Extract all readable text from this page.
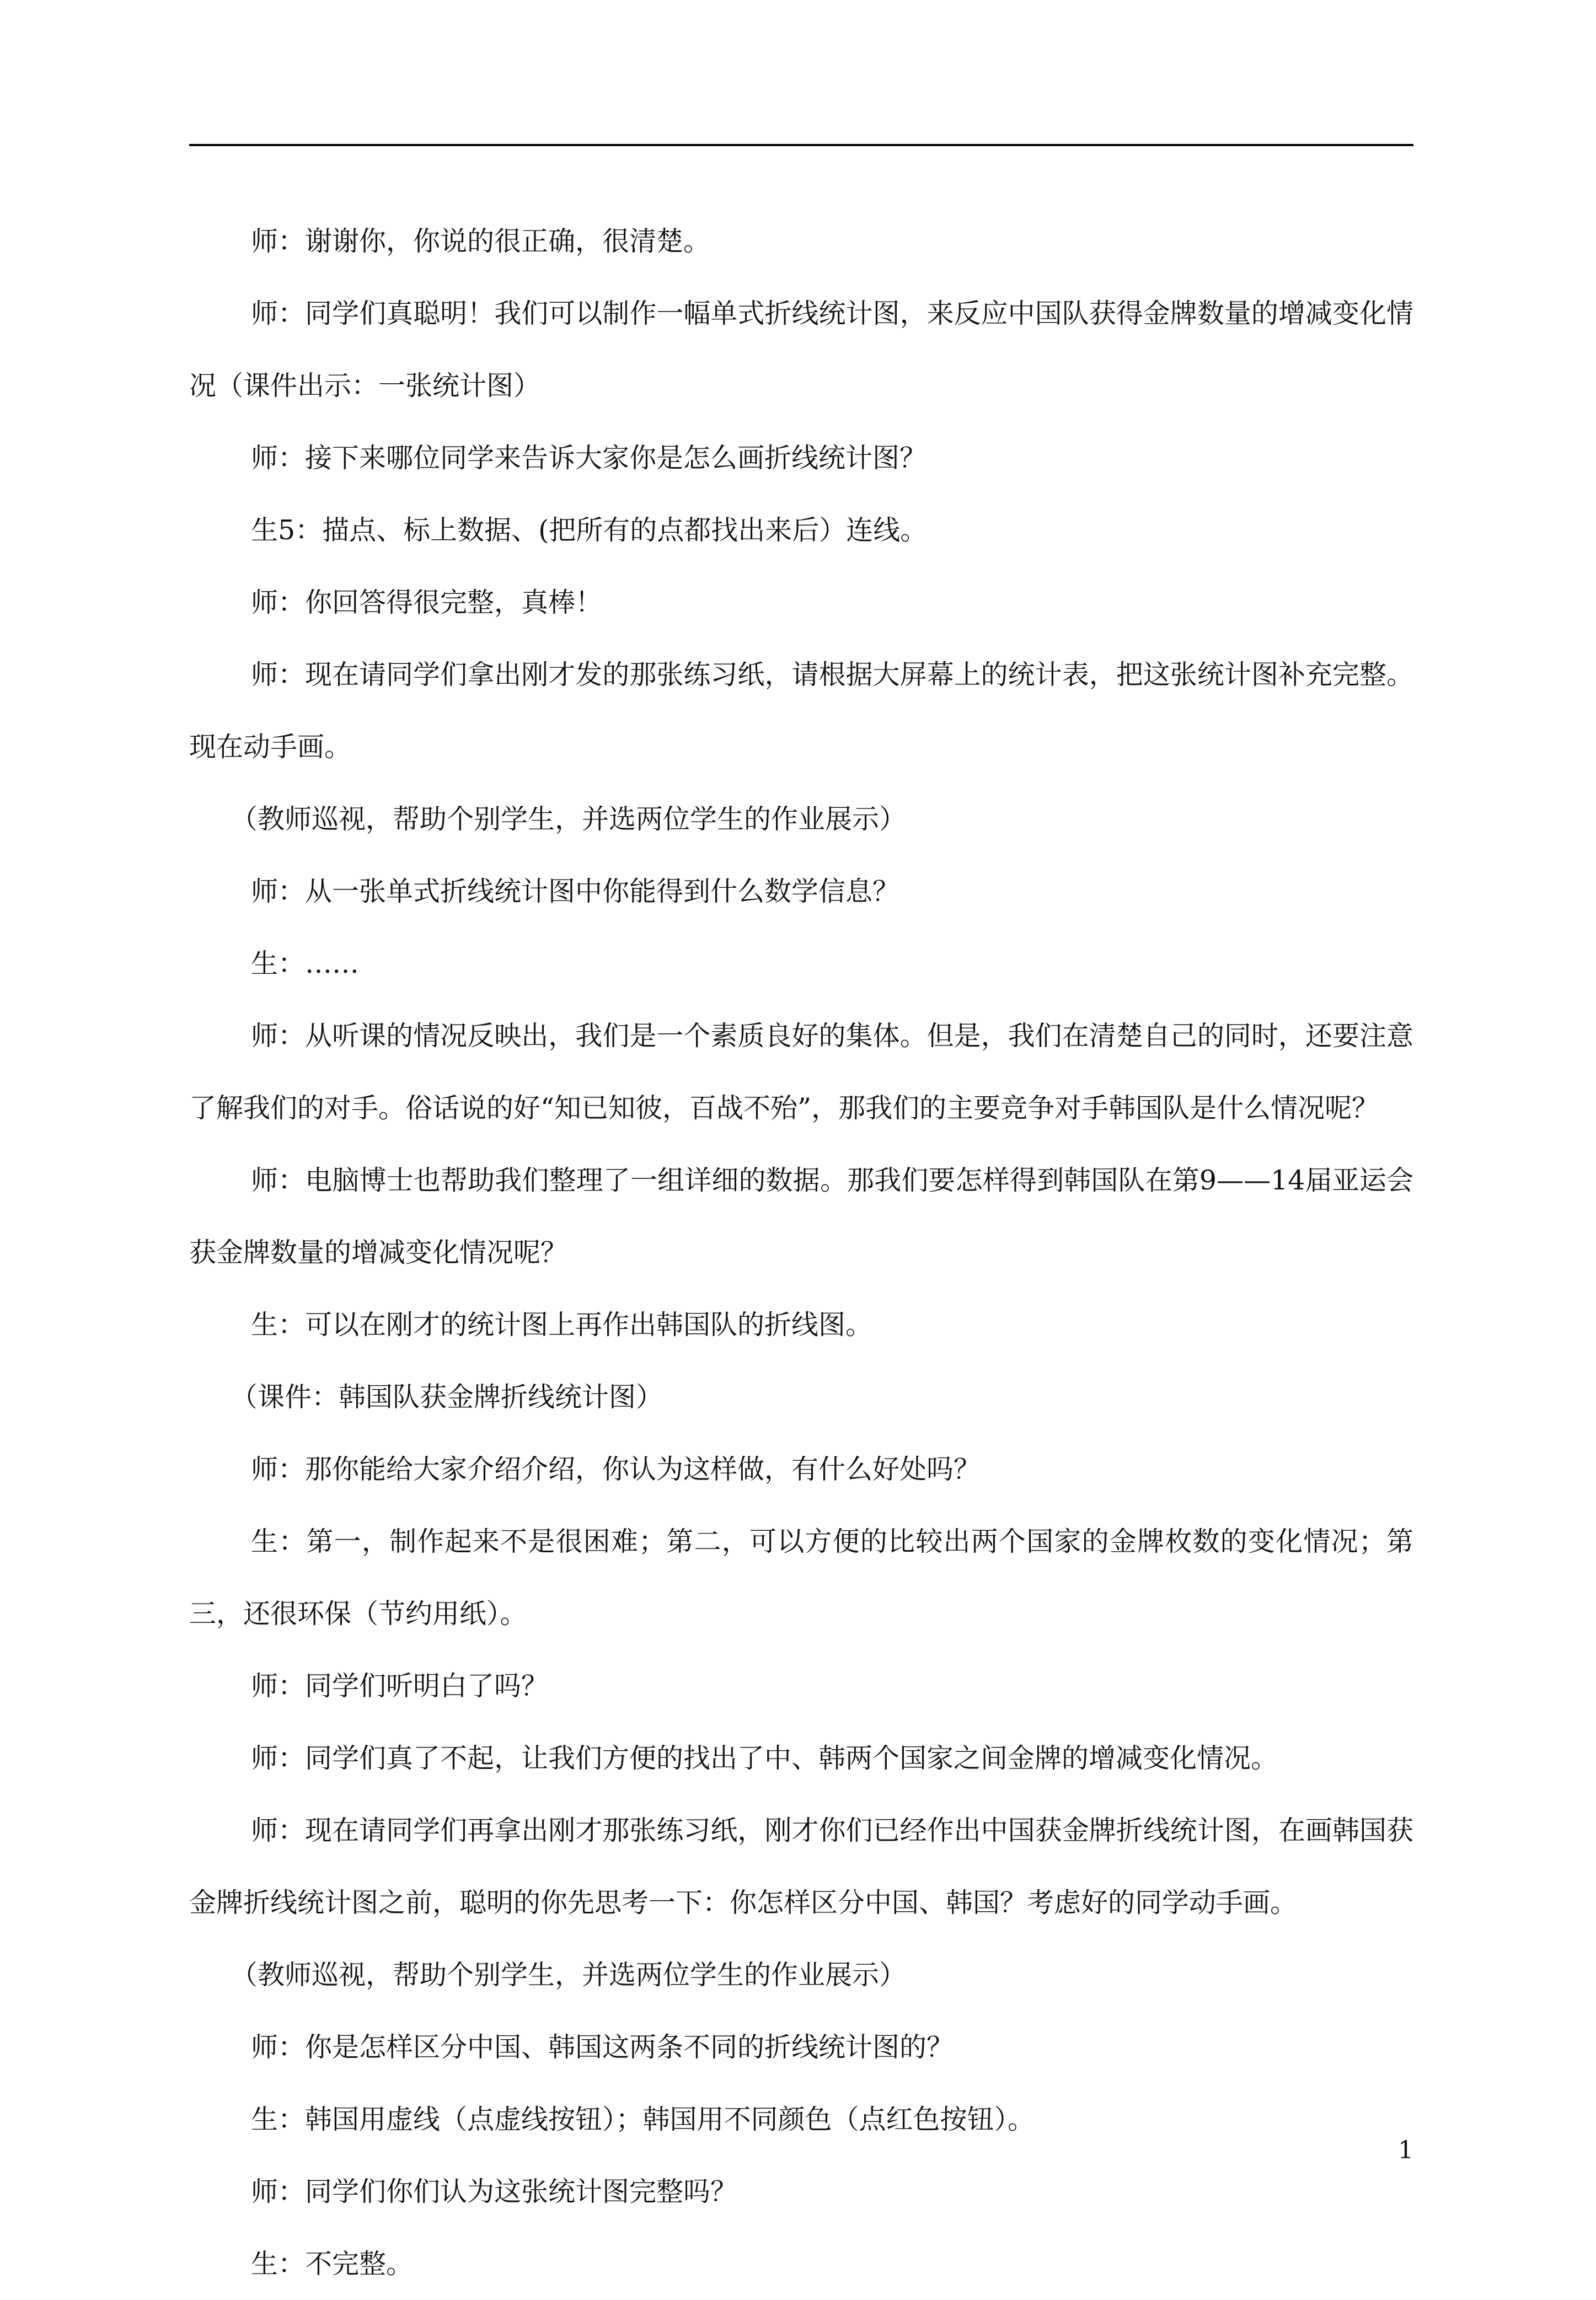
师：谢谢你，你说的很正确，很清楚。

师：同学们真聪明！我们可以制作一幅单式折线统计图，来反应中国队获得金牌数量的增减变化情况（课件出示：一张统计图）

师：接下来哪位同学来告诉大家你是怎么画折线统计图？

生5：描点、标上数据、(把所有的点都找出来后）连线。

师：你回答得很完整，真棒！

师：现在请同学们拿出刚才发的那张练习纸，请根据大屏幕上的统计表，把这张统计图补充完整。现在动手画。

（教师巡视，帮助个别学生，并选两位学生的作业展示）

师：从一张单式折线统计图中你能得到什么数学信息？

生：……

师：从听课的情况反映出，我们是一个素质良好的集体。但是，我们在清楚自己的同时，还要注意了解我们的对手。俗话说的好“知已知彼，百战不殆”，那我们的主要竞争对手韩国队是什么情况呢？

师：电脑博士也帮助我们整理了一组详细的数据。那我们要怎样得到韩国队在第9——14届亚运会获金牌数量的增减变化情况呢？

生：可以在刚才的统计图上再作出韩国队的折线图。

（课件：韩国队获金牌折线统计图）

师：那你能给大家介绍介绍，你认为这样做，有什么好处吗？

生：第一，制作起来不是很困难；第二，可以方便的比较出两个国家的金牌枚数的变化情况；第三，还很环保（节约用纸）。

师：同学们听明白了吗？

师：同学们真了不起，让我们方便的找出了中、韩两个国家之间金牌的增减变化情况。

师：现在请同学们再拿出刚才那张练习纸，刚才你们已经作出中国获金牌折线统计图，在画韩国获金牌折线统计图之前，聪明的你先思考一下：你怎样区分中国、韩国？考虑好的同学动手画。

（教师巡视，帮助个别学生，并选两位学生的作业展示）

师：你是怎样区分中国、韩国这两条不同的折线统计图的？

生：韩国用虚线（点虚线按钮）；韩国用不同颜色（点红色按钮）。

师：同学们你们认为这张统计图完整吗？

生：不完整。

1
